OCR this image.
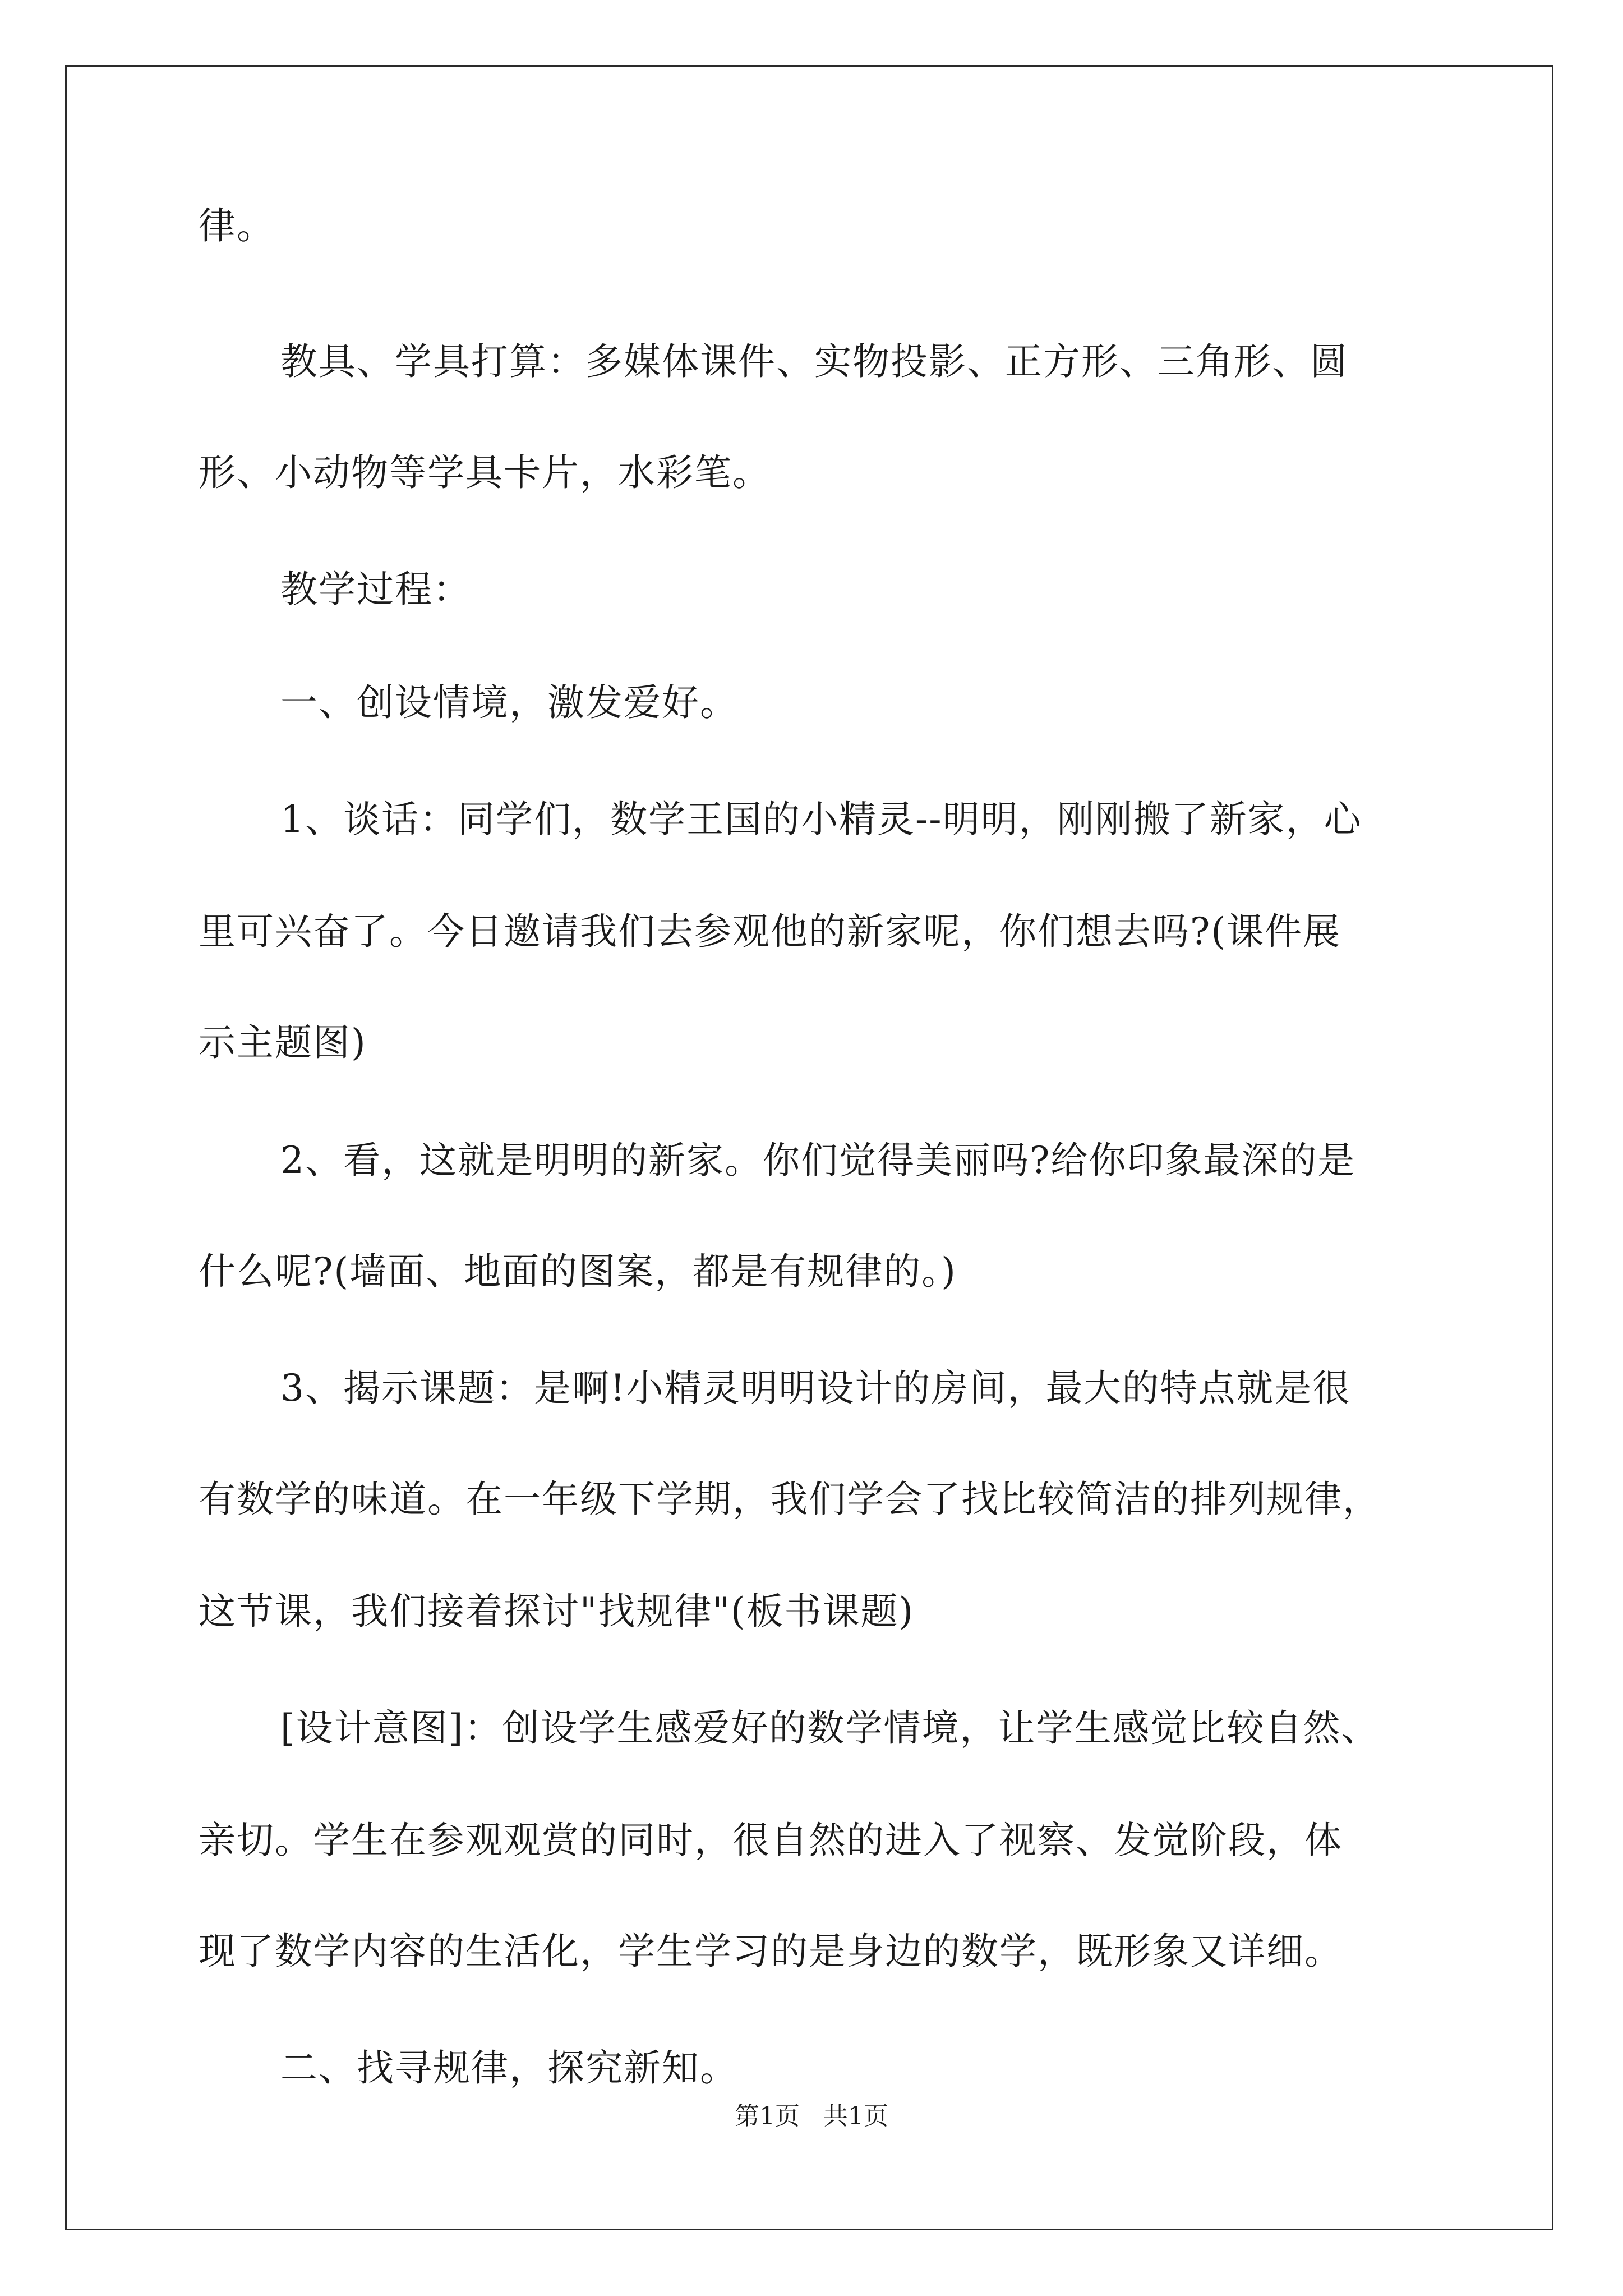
律。
教具、学具打算：多媒体课件、实物投影、正方形、三角形、圆
形、小动物等学具卡片，水彩笔。
教学过程：
一、创设情境，激发爱好。
1、谈话：同学们，数学王国的小精灵--明明，刚刚搬了新家，心
里可兴奋了。今日邀请我们去参观他的新家呢，你们想去吗?(课件展
示主题图)
2、看，这就是明明的新家。你们觉得美丽吗?给你印象最深的是
什么呢?(墙面、地面的图案，都是有规律的。)
3、揭示课题：是啊!小精灵明明设计的房间，最大的特点就是很
有数学的味道。在一年级下学期，我们学会了找比较简洁的排列规律，
这节课，我们接着探讨"找规律"(板书课题)
[设计意图]：创设学生感爱好的数学情境，让学生感觉比较自然、
亲切。学生在参观观赏的同时，很自然的进入了视察、发觉阶段，体
现了数学内容的生活化，学生学习的是身边的数学，既形象又详细。
二、找寻规律，探究新知。
第1页   共1页
